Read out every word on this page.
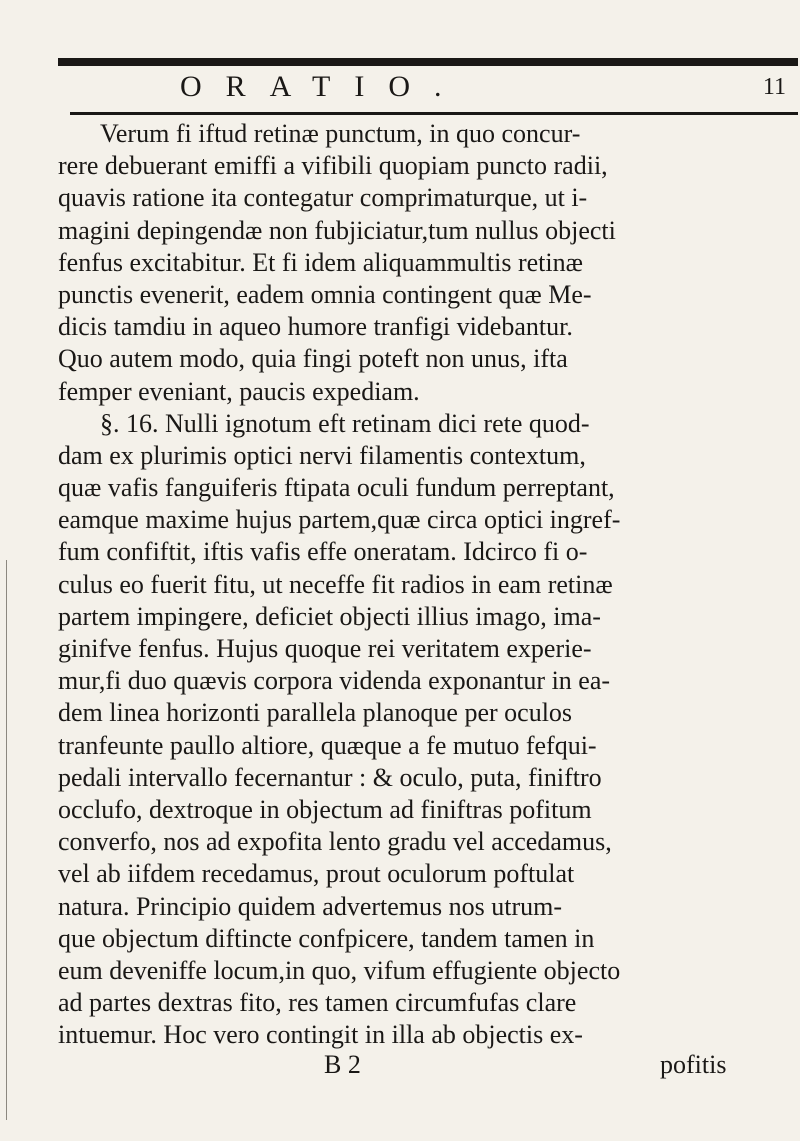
ORATIO.	11
Verum fi iftud retinæ punctum, in quo concur-
rere debuerant emiffi a vifibili quopiam puncto radii,
quavis ratione ita contegatur comprimaturque, ut i-
magini depingendæ non fubjiciatur,tum nullus objecti
fenfus excitabitur. Et fi idem aliquammultis retinæ
punctis evenerit, eadem omnia contingent quæ Me-
dicis tamdiu in aqueo humore tranfigi videbantur.
Quo autem modo, quia fingi poteft non unus, ifta
femper eveniant, paucis expediam.
§. 16. Nulli ignotum eft retinam dici rete quod-
dam ex plurimis optici nervi filamentis contextum,
quæ vafis fanguiferis ftipata oculi fundum perreptant,
eamque maxime hujus partem,quæ circa optici ingref-
fum confiftit, iftis vafis effe oneratam. Idcirco fi o-
culus eo fuerit fitu, ut neceffe fit radios in eam retinæ
partem impingere, deficiet objecti illius imago, ima-
ginifve fenfus. Hujus quoque rei veritatem experie-
mur,fi duo quævis corpora videnda exponantur in ea-
dem linea horizonti parallela planoque per oculos
tranfeunte paullo altiore, quæque a fe mutuo fefqui-
pedali intervallo fecernantur : & oculo, puta, finiftro
occlufo, dextroque in objectum ad finiftras pofitum
converfo, nos ad expofita lento gradu vel accedamus,
vel ab iifdem recedamus, prout oculorum poftulat
natura. Principio quidem advertemus nos utrum-
que objectum diftincte confpicere, tandem tamen in
eum deveniffe locum,in quo, vifum effugiente objecto
ad partes dextras fito, res tamen circumfufas clare
intuemur. Hoc vero contingit in illa ab objectis ex-
B 2	pofitis
